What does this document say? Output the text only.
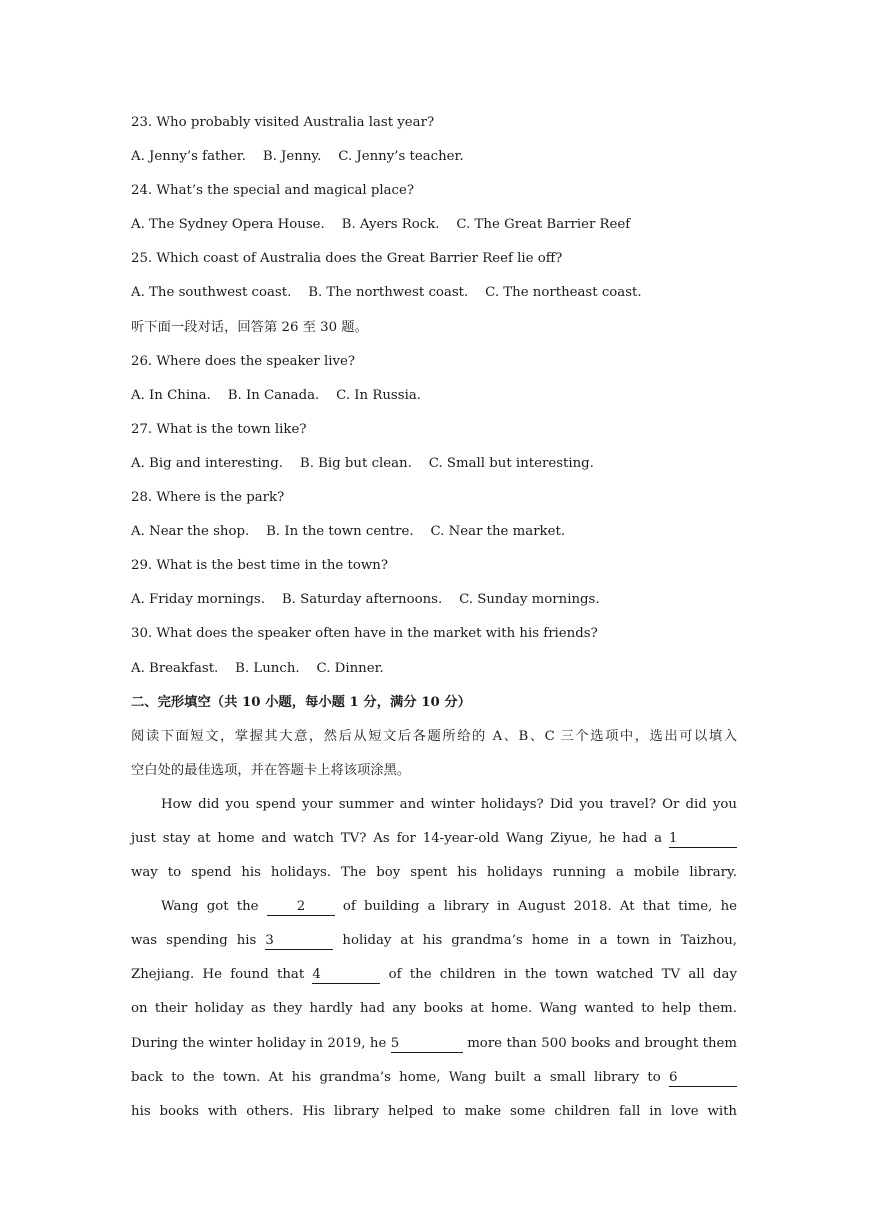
23. Who probably visited Australia last year?
A. Jenny’s father.    B. Jenny.    C. Jenny’s teacher.
24. What’s the special and magical place?
A. The Sydney Opera House.    B. Ayers Rock.    C. The Great Barrier Reef
25. Which coast of Australia does the Great Barrier Reef lie off?
A. The southwest coast.    B. The northwest coast.    C. The northeast coast.
听下面一段对话，回答第 26 至 30 题。
26. Where does the speaker live?
A. In China.    B. In Canada.    C. In Russia.
27. What is the town like?
A. Big and interesting.    B. Big but clean.    C. Small but interesting.
28. Where is the park?
A. Near the shop.    B. In the town centre.    C. Near the market.
29. What is the best time in the town?
A. Friday mornings.    B. Saturday afternoons.    C. Sunday mornings.
30. What does the speaker often have in the market with his friends?
A. Breakfast.    B. Lunch.    C. Dinner.
二、完形填空（共 10 小题，每小题 1 分，满分 10 分）
阅读下面短文，掌握其大意，然后从短文后各题所给的 A、B、C 三个选项中，选出可以填入
空白处的最佳选项，并在答题卡上将该项涂黑。
How did you spend your summer and winter holidays? Did you travel? Or did you
just stay at home and watch TV? As for 14-year-old Wang Ziyue, he had a 1
way to spend his holidays. The boy spent his holidays running a mobile library.
Wang got the	2	of building a library in August 2018. At that time, he
was spending his 3	holiday at his grandma’s home in a town in Taizhou,
Zhejiang. He found that 4	of the children in the town watched TV all day
on their holiday as they hardly had any books at home. Wang wanted to help them.
During the winter holiday in 2019, he 5	more than 500 books and brought them
back to the town. At his grandma’s home, Wang built a small library to 6
his books with others. His library helped to make some children fall in love with
